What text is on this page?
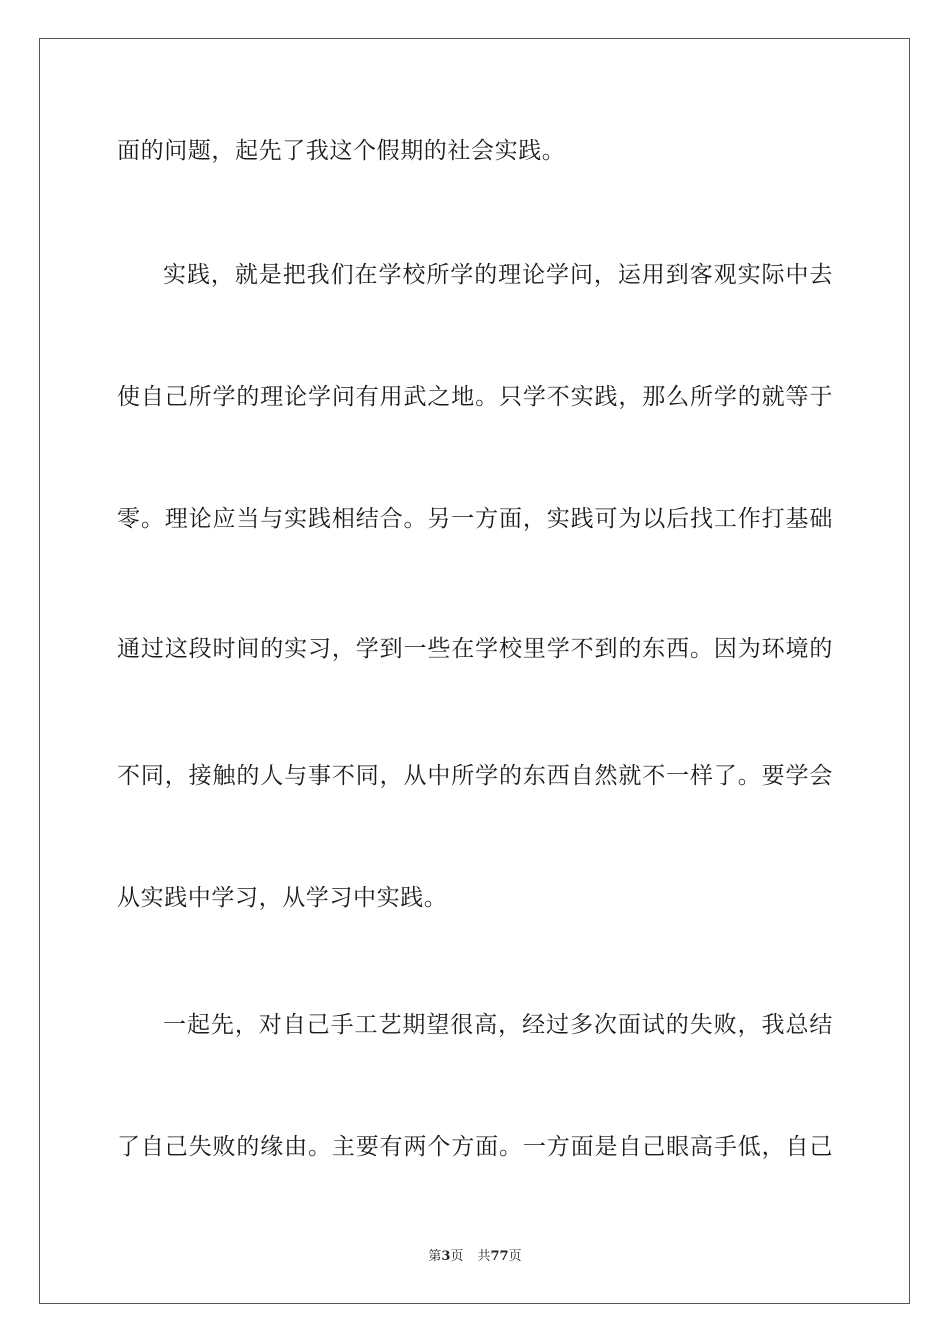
面的问题，起先了我这个假期的社会实践。
实践，就是把我们在学校所学的理论学问，运用到客观实际中去
使自己所学的理论学问有用武之地。只学不实践，那么所学的就等于
零。理论应当与实践相结合。另一方面，实践可为以后找工作打基础
通过这段时间的实习，学到一些在学校里学不到的东西。因为环境的
不同，接触的人与事不同，从中所学的东西自然就不一样了。要学会
从实践中学习，从学习中实践。
一起先，对自己手工艺期望很高，经过多次面试的失败，我总结
了自己失败的缘由。主要有两个方面。一方面是自己眼高手低，自己
第3页 共77页
